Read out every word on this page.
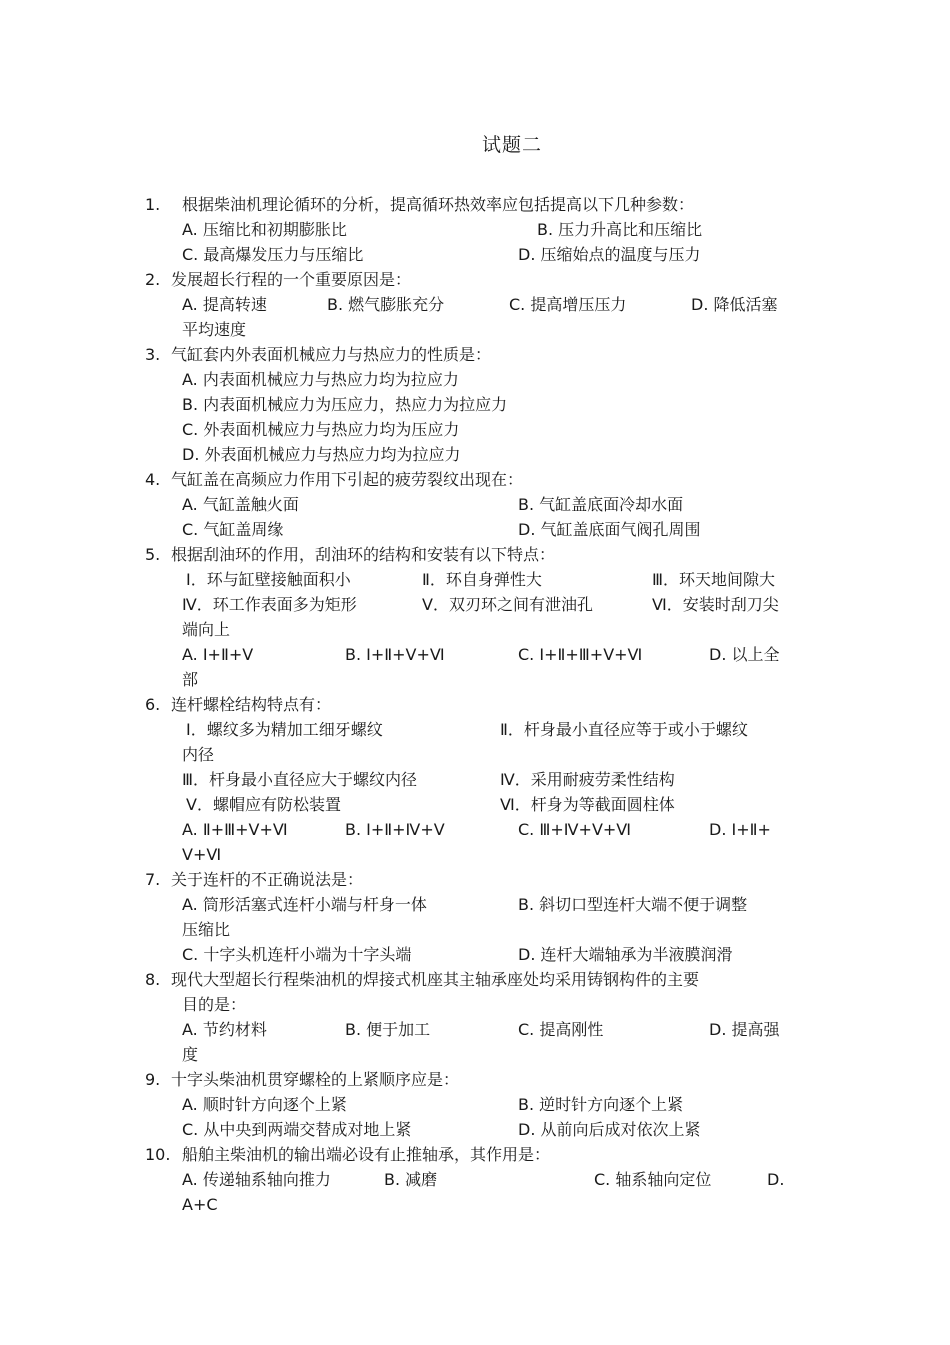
试题二
1. 根据柴油机理论循环的分析，提高循环热效率应包括提高以下几种参数：
A. 压缩比和初期膨胀比	B. 压力升高比和压缩比
C. 最高爆发压力与压缩比	D. 压缩始点的温度与压力
2. 发展超长行程的一个重要原因是：
A. 提高转速	B. 燃气膨胀充分	C. 提高增压压力	D. 降低活塞
平均速度
3. 气缸套内外表面机械应力与热应力的性质是：
A. 内表面机械应力与热应力均为拉应力
B. 内表面机械应力为压应力，热应力为拉应力
C. 外表面机械应力与热应力均为压应力
D. 外表面机械应力与热应力均为拉应力
4. 气缸盖在高频应力作用下引起的疲劳裂纹出现在：
A. 气缸盖触火面	B. 气缸盖底面冷却水面
C. 气缸盖周缘	D. 气缸盖底面气阀孔周围
5. 根据刮油环的作用，刮油环的结构和安装有以下特点：
Ⅰ．环与缸壁接触面积小	Ⅱ．环自身弹性大	Ⅲ．环天地间隙大
Ⅳ．环工作表面多为矩形	Ⅴ．双刃环之间有泄油孔	Ⅵ．安装时刮刀尖
端向上
A. Ⅰ+Ⅱ+Ⅴ	B. Ⅰ+Ⅱ+Ⅴ+Ⅵ	C. Ⅰ+Ⅱ+Ⅲ+Ⅴ+Ⅵ	D. 以上全
部
6. 连杆螺栓结构特点有：
Ⅰ．螺纹多为精加工细牙螺纹	Ⅱ．杆身最小直径应等于或小于螺纹
内径
Ⅲ．杆身最小直径应大于螺纹内径	Ⅳ．采用耐疲劳柔性结构
Ⅴ．螺帽应有防松装置	Ⅵ．杆身为等截面圆柱体
A. Ⅱ+Ⅲ+Ⅴ+Ⅵ	B. Ⅰ+Ⅱ+Ⅳ+Ⅴ	C. Ⅲ+Ⅳ+Ⅴ+Ⅵ	D. Ⅰ+Ⅱ+
Ⅴ+Ⅵ
7. 关于连杆的不正确说法是：
A. 筒形活塞式连杆小端与杆身一体	B. 斜切口型连杆大端不便于调整
压缩比
C. 十字头机连杆小端为十字头端	D. 连杆大端轴承为半液膜润滑
8. 现代大型超长行程柴油机的焊接式机座其主轴承座处均采用铸钢构件的主要
目的是：
A. 节约材料	B. 便于加工	C. 提高刚性	D. 提高强
度
9. 十字头柴油机贯穿螺栓的上紧顺序应是：
A. 顺时针方向逐个上紧	B. 逆时针方向逐个上紧
C. 从中央到两端交替成对地上紧	D. 从前向后成对依次上紧
10. 船舶主柴油机的输出端必设有止推轴承，其作用是：
A. 传递轴系轴向推力	B. 减磨	C. 轴系轴向定位	D.
A+C
